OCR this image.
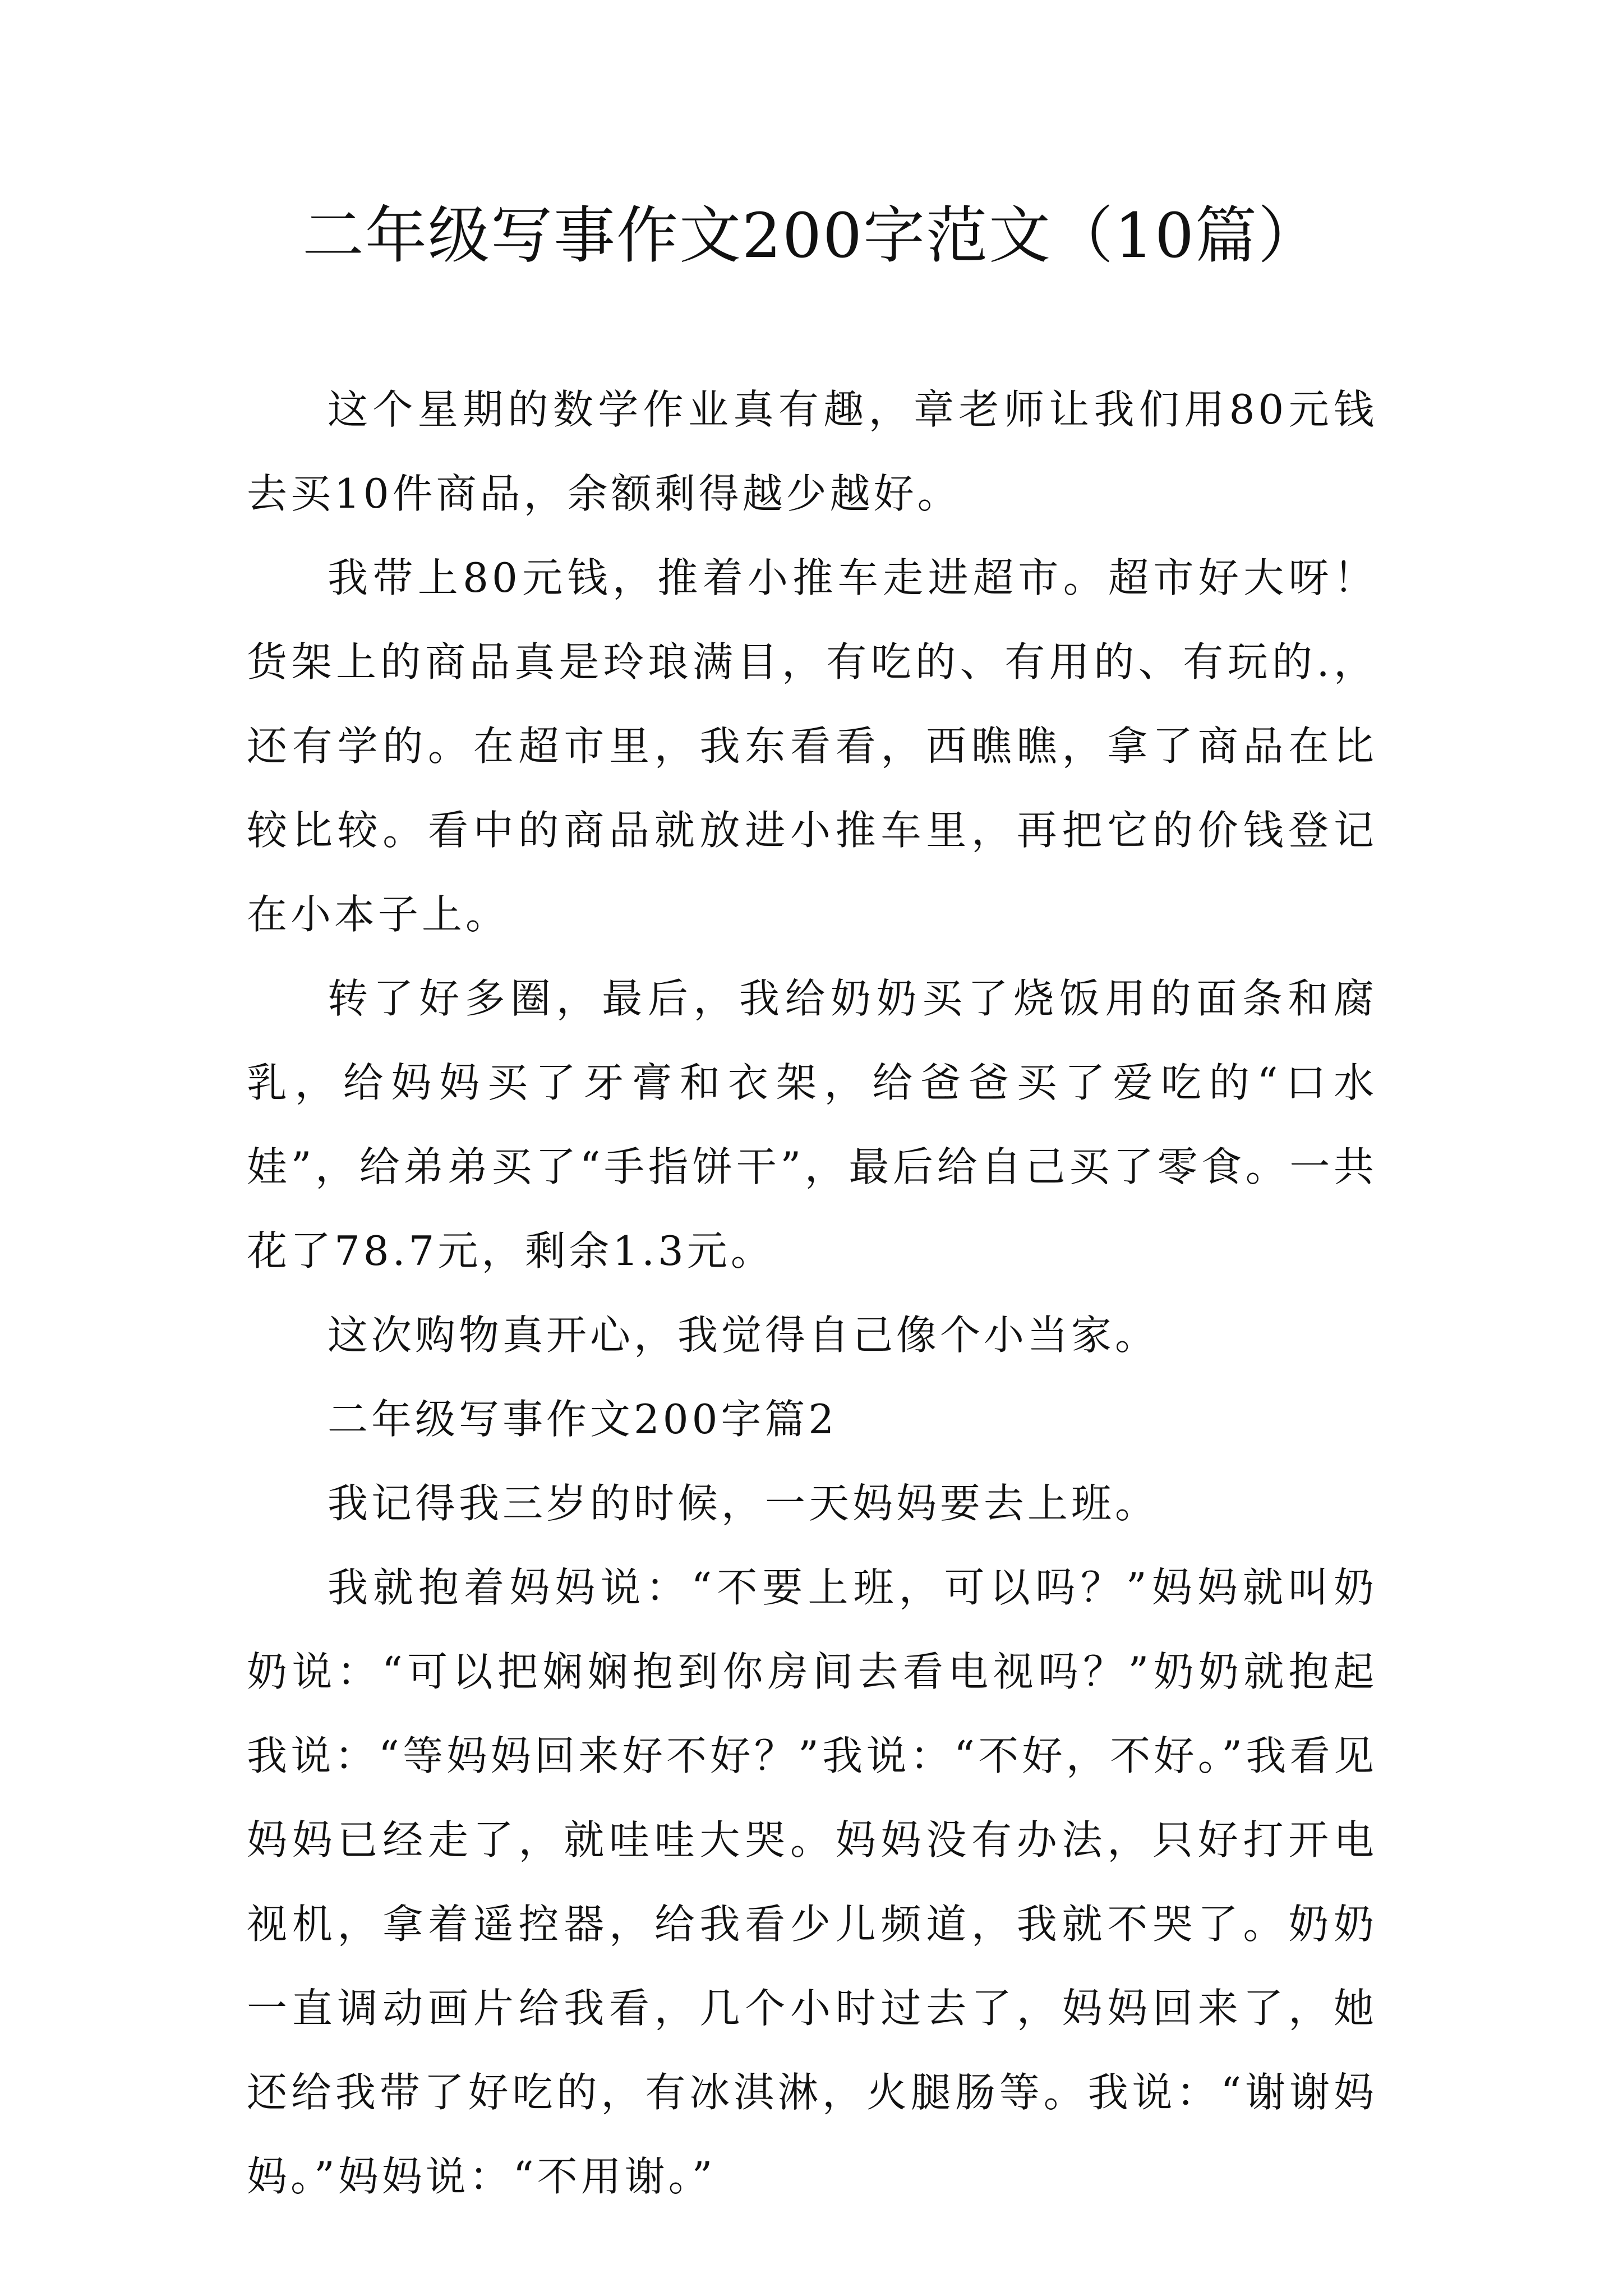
二年级写事作文200字范文（10篇）

这个星期的数学作业真有趣，章老师让我们用80元钱去买10件商品，余额剩得越少越好。

我带上80元钱，推着小推车走进超市。超市好大呀！货架上的商品真是玲琅满目，有吃的、有用的、有玩的.，还有学的。在超市里，我东看看，西瞧瞧，拿了商品在比较比较。看中的商品就放进小推车里，再把它的价钱登记在小本子上。

转了好多圈，最后，我给奶奶买了烧饭用的面条和腐乳，给妈妈买了牙膏和衣架，给爸爸买了爱吃的“口水娃”，给弟弟买了“手指饼干”，最后给自己买了零食。一共花了78.7元，剩余1.3元。

这次购物真开心，我觉得自己像个小当家。

二年级写事作文200字篇2

我记得我三岁的时候，一天妈妈要去上班。

我就抱着妈妈说：“不要上班，可以吗？”妈妈就叫奶奶说：“可以把娴娴抱到你房间去看电视吗？”奶奶就抱起我说：“等妈妈回来好不好？”我说：“不好，不好。”我看见妈妈已经走了，就哇哇大哭。妈妈没有办法，只好打开电视机，拿着遥控器，给我看少儿频道，我就不哭了。奶奶一直调动画片给我看，几个小时过去了，妈妈回来了，她还给我带了好吃的，有冰淇淋，火腿肠等。我说：“谢谢妈妈。”妈妈说：“不用谢。”
